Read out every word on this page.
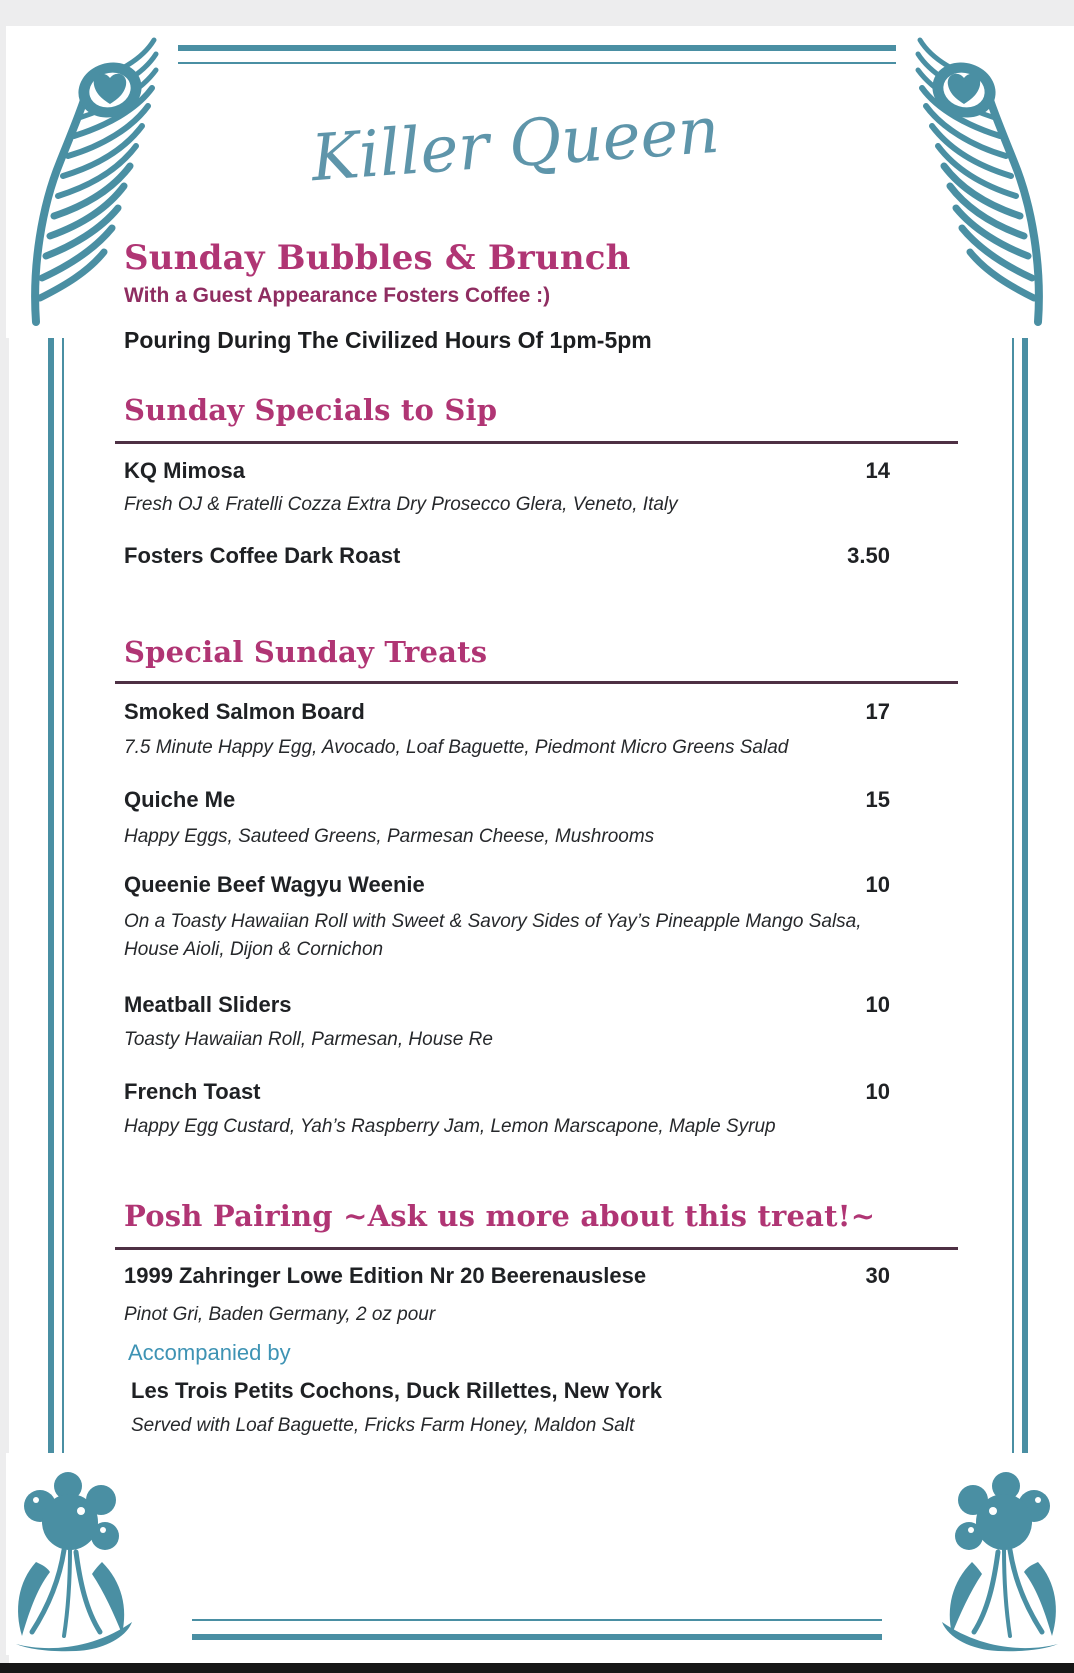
Killer Queen
Sunday Bubbles & Brunch
With a Guest Appearance Fosters Coffee :)
Pouring During The Civilized Hours Of 1pm-5pm
Sunday Specials to Sip
KQ Mimosa	14
Fresh OJ & Fratelli Cozza Extra Dry Prosecco Glera, Veneto, Italy
Fosters Coffee Dark Roast	3.50
Special Sunday Treats
Smoked Salmon Board	17
7.5 Minute Happy Egg, Avocado, Loaf Baguette, Piedmont Micro Greens Salad
Quiche Me	15
Happy Eggs, Sauteed Greens, Parmesan Cheese, Mushrooms
Queenie Beef Wagyu Weenie	10
On a Toasty Hawaiian Roll with Sweet & Savory Sides of Yay’s Pineapple Mango Salsa, House Aioli, Dijon & Cornichon
Meatball Sliders	10
Toasty Hawaiian Roll, Parmesan, House Re
French Toast	10
Happy Egg Custard, Yah’s Raspberry Jam, Lemon Marscapone, Maple Syrup
Posh Pairing ~Ask us more about this treat!~
1999 Zahringer Lowe Edition Nr 20 Beerenauslese	30
Pinot Gri, Baden Germany, 2 oz pour
Accompanied by
Les Trois Petits Cochons, Duck Rillettes, New York
Served with Loaf Baguette, Fricks Farm Honey, Maldon Salt
